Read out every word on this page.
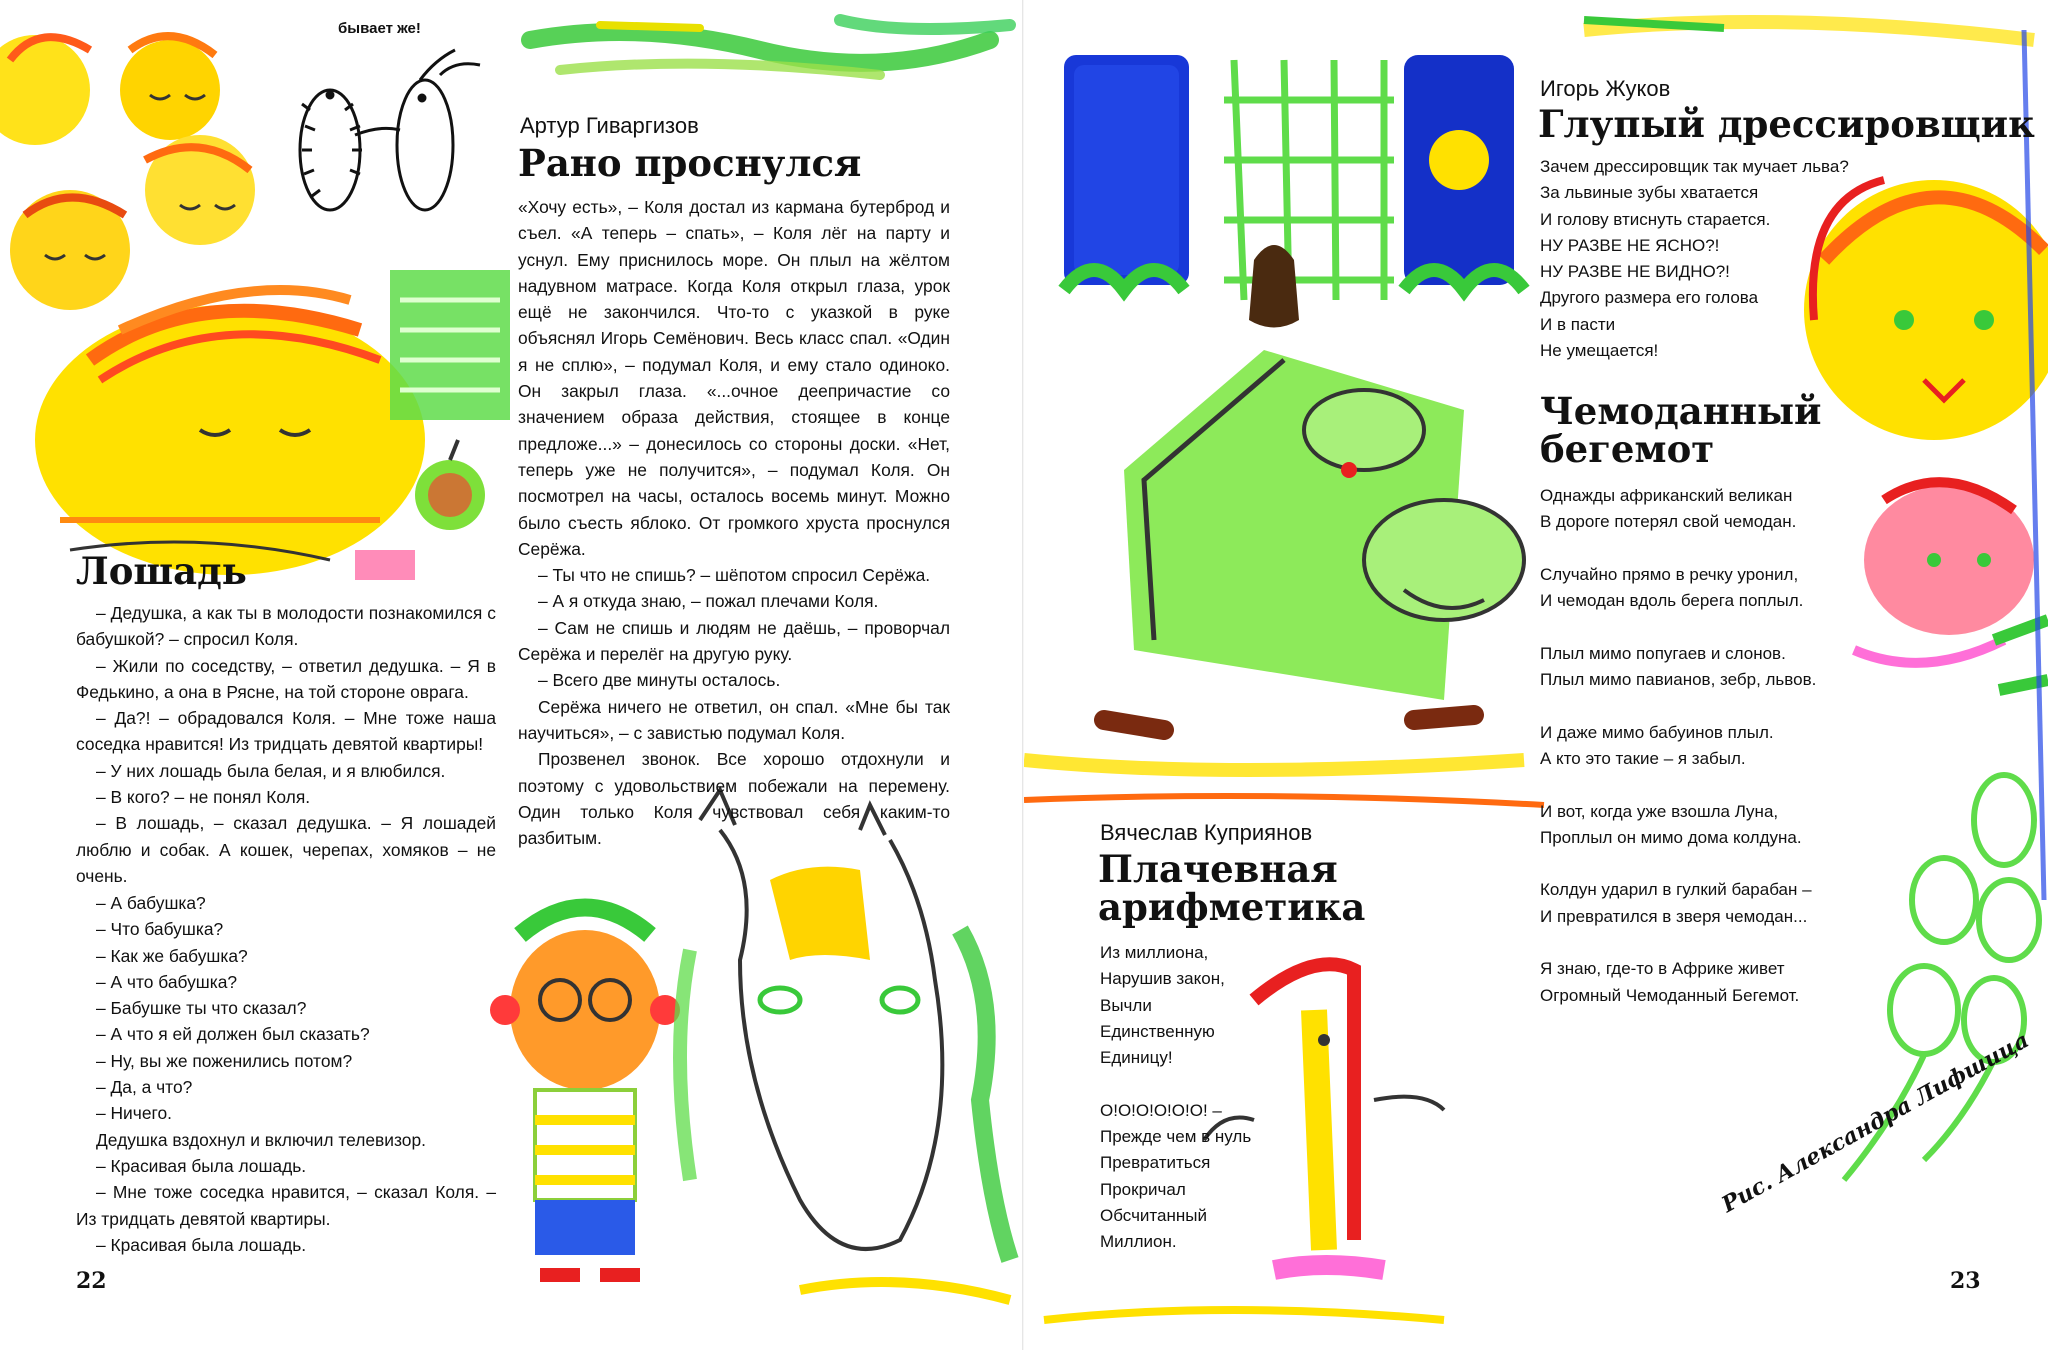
бывает же!
Артур Гиваргизов
Рано проснулся

«Хочу есть», – Коля достал из кармана бутерброд и съел. «А теперь – спать», – Коля лёг на парту и уснул. Ему приснилось море. Он плыл на жёлтом надувном матрасе. Когда Коля открыл глаза, урок ещё не закончился. Что-то с указкой в руке объяснял Игорь Семёнович. Весь класс спал. «Один я не сплю», – подумал Коля, и ему стало одиноко. Он закрыл глаза. «...очное деепричастие со значением образа действия, стоящее в конце предложе...» – донесилось со стороны доски. «Нет, теперь уже не получится», – подумал Коля. Он посмотрел на часы, осталось восемь минут. Можно было съесть яблоко. От громкого хруста проснулся Серёжа.

– Ты что не спишь? – шёпотом спросил Серёжа.

– А я откуда знаю, – пожал плечами Коля.

– Сам не спишь и людям не даёшь, – проворчал Серёжа и перелёг на другую руку.

– Всего две минуты осталось.

Серёжа ничего не ответил, он спал. «Мне бы так научиться», – с завистью подумал Коля.

Прозвенел звонок. Все хорошо отдохнули и поэтому с удовольствием побежали на перемену. Один только Коля чувствовал себя каким-то разбитым.

Лошадь

– Дедушка, а как ты в молодости познакомился с бабушкой? – спросил Коля.

– Жили по соседству, – ответил дедушка. – Я в Федькино, а она в Рясне, на той стороне оврага.

– Да?! – обрадовался Коля. – Мне тоже наша соседка нравится! Из тридцать девятой квартиры!

– У них лошадь была белая, и я влюбился.

– В кого? – не понял Коля.

– В лошадь, – сказал дедушка. – Я лошадей люблю и собак. А кошек, черепах, хомяков – не очень.

– А бабушка?

– Что бабушка?

– Как же бабушка?

– А что бабушка?

– Бабушке ты что сказал?

– А что я ей должен был сказать?

– Ну, вы же поженились потом?

– Да, а что?

– Ничего.

Дедушка вздохнул и включил телевизор.

– Красивая была лошадь.

– Мне тоже соседка нравится, – сказал Коля. – Из тридцать девятой квартиры.

– Красивая была лошадь.

22
Игорь Жуков
Глупый дрессировщик
Зачем дрессировщик так мучает льва?
За львиные зубы хватается
И голову втиснуть старается.
НУ РАЗВЕ НЕ ЯСНО?!
НУ РАЗВЕ НЕ ВИДНО?!
Другого размера его голова
И в пасти
Не умещается!
Чемоданный
бегемот
Однажды африканский великан
В дороге потерял свой чемодан.
Случайно прямо в речку уронил,
И чемодан вдоль берега поплыл.
Плыл мимо попугаев и слонов.
Плыл мимо павианов, зебр, львов.
И даже мимо бабуинов плыл.
А кто это такие – я забыл.
И вот, когда уже взошла Луна,
Проплыл он мимо дома колдуна.
Колдун ударил в гулкий барабан –
И превратился в зверя чемодан...
Я знаю, где-то в Африке живет
Огромный Чемоданный Бегемот.
Вячеслав Куприянов
Плачевная
арифметика
Из миллиона,
Нарушив закон,
Вычли
Единственную
Единицу!
О!О!О!О!О!О! –
Прежде чем в нуль
Превратиться
Прокричал
Обсчитанный
Миллион.
Рис. Александра Лифшица
23
